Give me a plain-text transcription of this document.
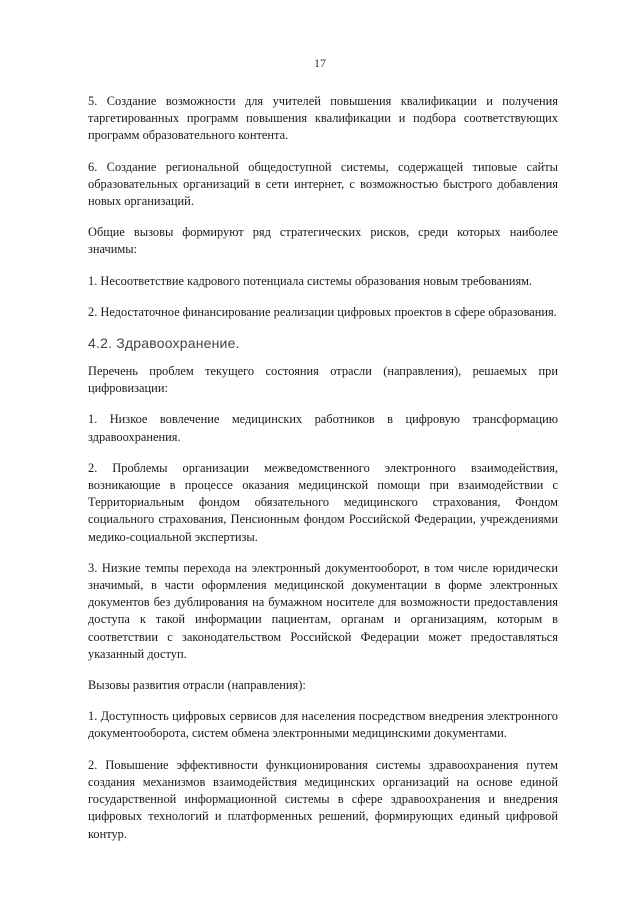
17

5. Создание возможности для учителей повышения квалификации и получения таргетированных программ повышения квалификации и подбора соответствующих программ образовательного контента.

6. Создание региональной общедоступной системы, содержащей типовые сайты образовательных организаций в сети интернет, с возможностью быстрого добавления новых организаций.

Общие вызовы формируют ряд стратегических рисков, среди которых наиболее значимы:

1. Несоответствие кадрового потенциала системы образования новым требованиям.

2. Недостаточное финансирование реализации цифровых проектов в сфере образования.

4.2. Здравоохранение.

Перечень проблем текущего состояния отрасли (направления), решаемых при цифровизации:

1. Низкое вовлечение медицинских работников в цифровую трансформацию здравоохранения.

2. Проблемы организации межведомственного электронного взаимодействия, возникающие в процессе оказания медицинской помощи при взаимодействии с Территориальным фондом обязательного медицинского страхования, Фондом социального страхования, Пенсионным фондом Российской Федерации, учреждениями медико-социальной экспертизы.

3. Низкие темпы перехода на электронный документооборот, в том числе юридически значимый, в части оформления медицинской документации в форме электронных документов без дублирования на бумажном носителе для возможности предоставления доступа к такой информации пациентам, органам и организациям, которым в соответствии с законодательством Российской Федерации может предоставляться указанный доступ.

Вызовы развития отрасли (направления):

1. Доступность цифровых сервисов для населения посредством внедрения электронного документооборота, систем обмена электронными медицинскими документами.

2. Повышение эффективности функционирования системы здравоохранения путем создания механизмов взаимодействия медицинских организаций на основе единой государственной информационной системы в сфере здравоохранения и внедрения цифровых технологий и платформенных решений, формирующих единый цифровой контур.
